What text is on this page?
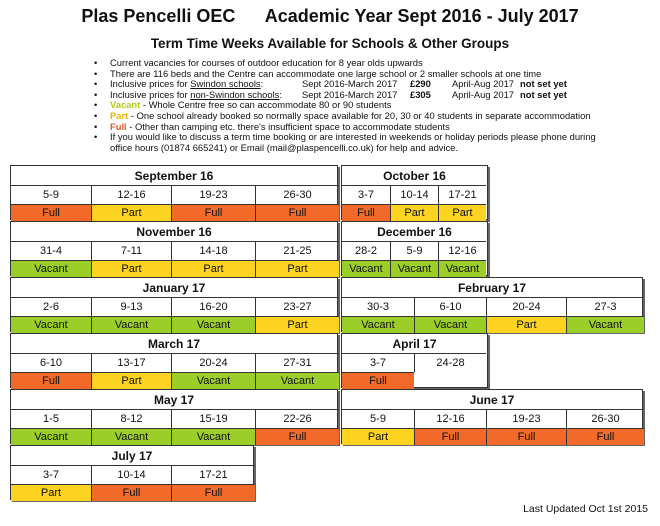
Plas Pencelli OEC      Academic Year Sept 2016 - July 2017
Term Time Weeks Available for Schools & Other Groups
• Current vacancies for courses of outdoor education for 8 year olds upwards
• There are 116 beds and the Centre can accommodate one large school or 2 smaller schools at one time
• Inclusive prices for Swindon schools:	Sept 2016-March 2017 £290 April-Aug 2017 not set yet
• Inclusive prices for non-Swindon schools: Sept 2016-March 2017 £305 April-Aug 2017 not set yet
• Vacant - Whole Centre free so can accommodate 80 or 90 students
• Part - One school already booked so normally space available for 20, 30 or 40 students in separate accommodation
• Full - Other than camping etc. there's insufficient space to accommodate students
• If you would like to discuss a term time booking or are interested in weekends or holiday periods please phone during
office hours (01874 665241) or Email (mail@plaspencelli.co.uk) for help and advice.
September 16
5-9
Full
12-16
Part
19-23
Full
26-30
Full
October 16
3-7
Full
10-14
Part
17-21
Part
November 16
31-4
Vacant
7-11
Part
14-18
Part
21-25
Part
December 16
28-2
Vacant
5-9
Vacant
12-16
Vacant
January 17
2-6
Vacant
9-13
Vacant
16-20
Vacant
23-27
Part
February 17
30-3
Vacant
6-10
Vacant
20-24
Part
27-3
Vacant
March 17
6-10
Full
13-17
Part
20-24
Vacant
27-31
Vacant
April 17
3-7
Full
24-28
May 17
1-5
Vacant
8-12
Vacant
15-19
Vacant
22-26
Full
June 17
5-9
Part
12-16
Full
19-23
Full
26-30
Full
July 17
3-7
Part
10-14
Full
17-21
Full
Last Updated Oct 1st 2015
